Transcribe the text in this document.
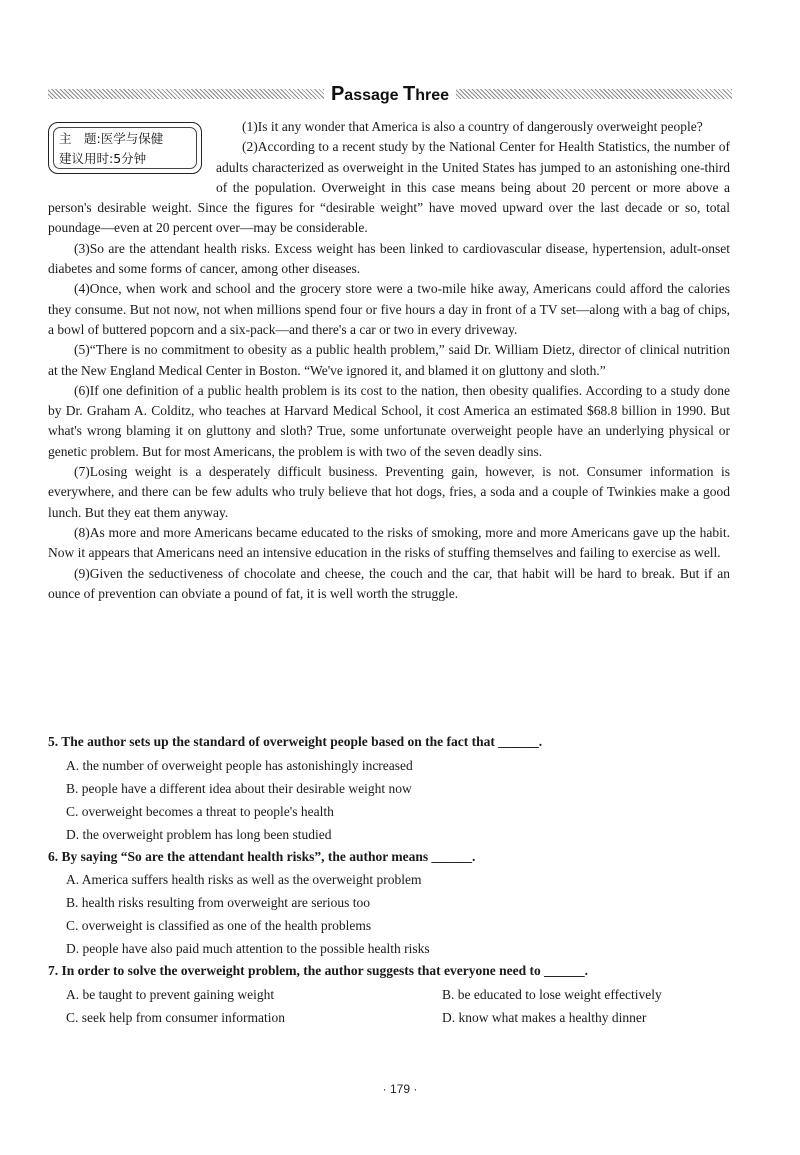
Passage Three
主　题: 医学与保健
建议用时: 5分钟

(1)Is it any wonder that America is also a country of dangerously overweight people?

(2)According to a recent study by the National Center for Health Statistics, the number of adults characterized as overweight in the United States has jumped to an astonishing one-third of the population. Overweight in this case means being about 20 percent or more above a person's desirable weight. Since the figures for “desirable weight” have moved upward over the last decade or so, total poundage—even at 20 percent over—may be considerable.

(3)So are the attendant health risks. Excess weight has been linked to cardiovascular disease, hypertension, adult-onset diabetes and some forms of cancer, among other diseases.

(4)Once, when work and school and the grocery store were a two-mile hike away, Americans could afford the calories they consume. But not now, not when millions spend four or five hours a day in front of a TV set—along with a bag of chips, a bowl of buttered popcorn and a six-pack—and there's a car or two in every driveway.

(5)“There is no commitment to obesity as a public health problem,” said Dr. William Dietz, director of clinical nutrition at the New England Medical Center in Boston. “We've ignored it, and blamed it on gluttony and sloth.”

(6)If one definition of a public health problem is its cost to the nation, then obesity qualifies. According to a study done by Dr. Graham A. Colditz, who teaches at Harvard Medical School, it cost America an estimated $68.8 billion in 1990. But what's wrong blaming it on gluttony and sloth? True, some unfortunate overweight people have an underlying physical or genetic problem. But for most Americans, the problem is with two of the seven deadly sins.

(7)Losing weight is a desperately difficult business. Preventing gain, however, is not. Consumer information is everywhere, and there can be few adults who truly believe that hot dogs, fries, a soda and a couple of Twinkies make a good lunch. But they eat them anyway.

(8)As more and more Americans became educated to the risks of smoking, more and more Americans gave up the habit. Now it appears that Americans need an intensive education in the risks of stuffing themselves and failing to exercise as well.

(9)Given the seductiveness of chocolate and cheese, the couch and the car, that habit will be hard to break. But if an ounce of prevention can obviate a pound of fat, it is well worth the struggle.

5. The author sets up the standard of overweight people based on the fact that ______.
A. the number of overweight people has astonishingly increased
B. people have a different idea about their desirable weight now
C. overweight becomes a threat to people's health
D. the overweight problem has long been studied
6. By saying “So are the attendant health risks”, the author means ______.
A. America suffers health risks as well as the overweight problem
B. health risks resulting from overweight are serious too
C. overweight is classified as one of the health problems
D. people have also paid much attention to the possible health risks
7. In order to solve the overweight problem, the author suggests that everyone need to ______.
A. be taught to prevent gaining weight	B. be educated to lose weight effectively
C. seek help from consumer information	D. know what makes a healthy dinner
· 179 ·
